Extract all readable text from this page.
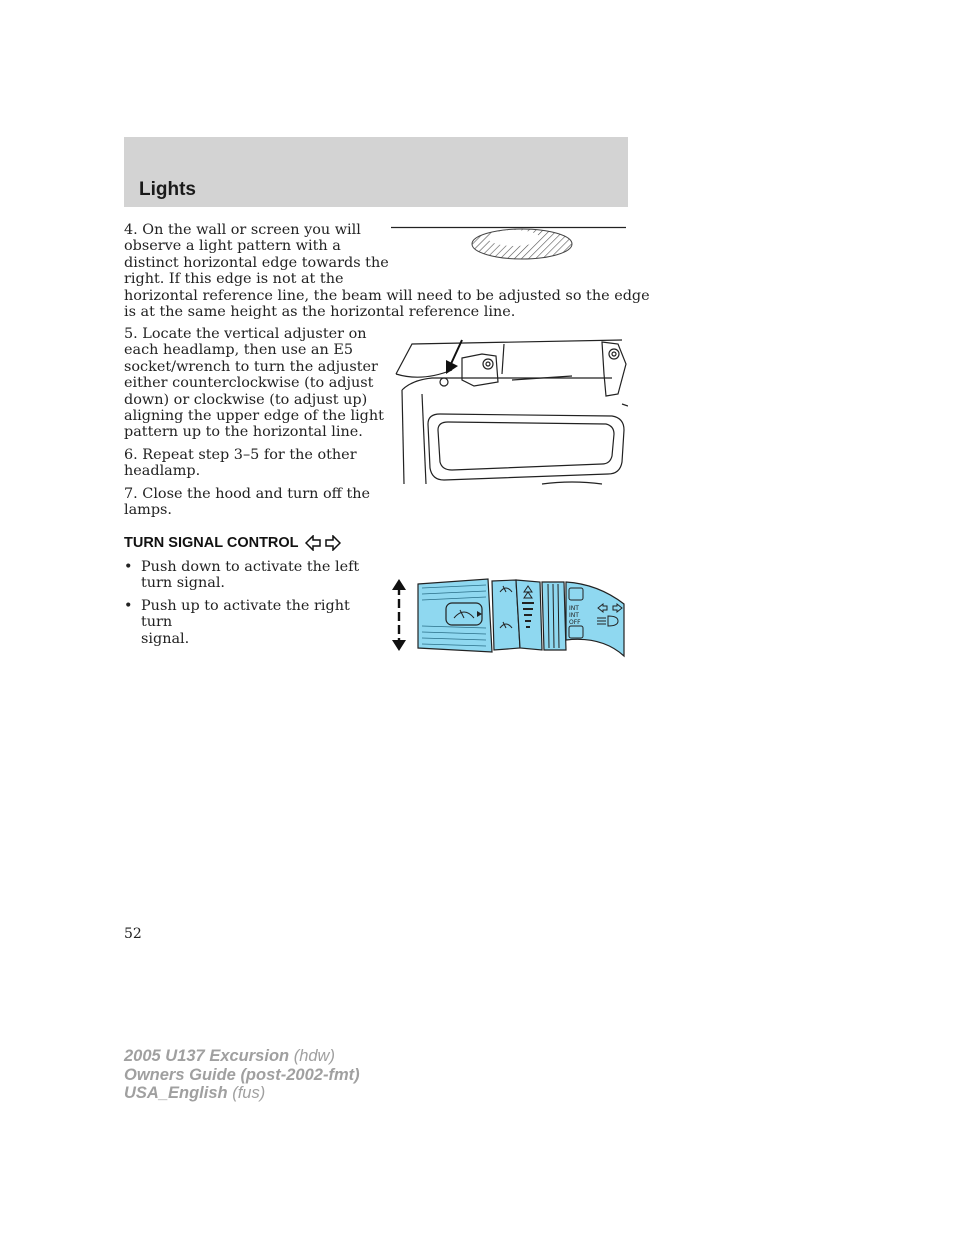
Lights
4. On the wall or screen you will
observe a light pattern with a
distinct horizontal edge towards the
right. If this edge is not at the
horizontal reference line, the beam will need to be adjusted so the edge
is at the same height as the horizontal reference line.
5. Locate the vertical adjuster on
each headlamp, then use an E5
socket/wrench to turn the adjuster
either counterclockwise (to adjust
down) or clockwise (to adjust up)
aligning the upper edge of the light
pattern up to the horizontal line.
6. Repeat step 3–5 for the other
headlamp.
7. Close the hood and turn off the
lamps.
TURN SIGNAL CONTROL
• Push down to activate the left
turn signal.
• Push up to activate the right turn
signal.
INT
INT
OFF
52
2005 U137 Excursion (hdw)
Owners Guide (post-2002-fmt)
USA_English (fus)
